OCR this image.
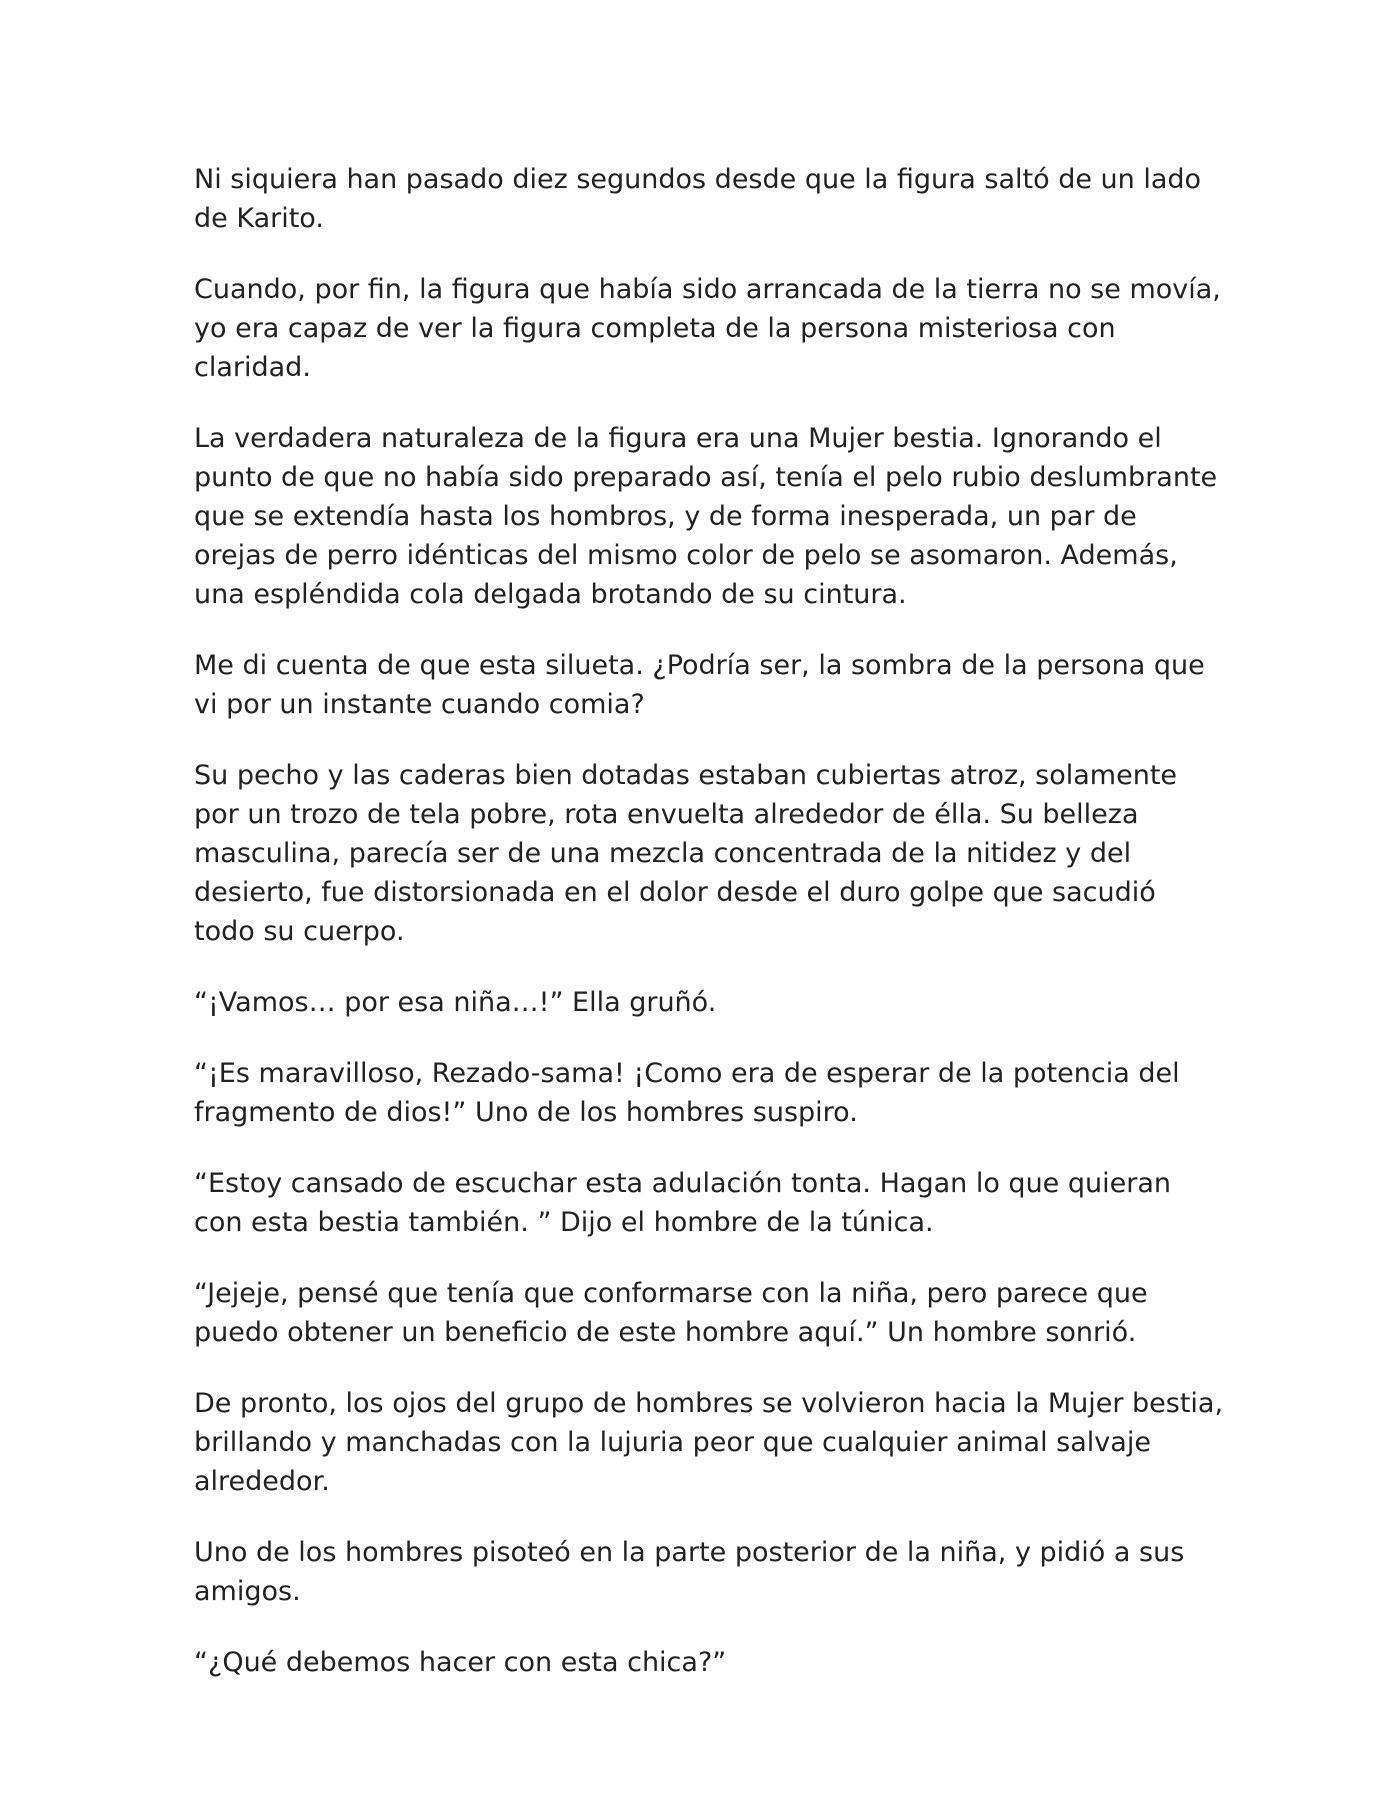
Ni siquiera han pasado diez segundos desde que la figura saltó de un lado de Karito.

Cuando, por fin, la figura que había sido arrancada de la tierra no se movía, yo era capaz de ver la figura completa de la persona misteriosa con claridad.

La verdadera naturaleza de la figura era una Mujer bestia. Ignorando el punto de que no había sido preparado así, tenía el pelo rubio deslumbrante que se extendía hasta los hombros, y de forma inesperada, un par de orejas de perro idénticas del mismo color de pelo se asomaron. Además, una espléndida cola delgada brotando de su cintura.

Me di cuenta de que esta silueta. ¿Podría ser, la sombra de la persona que vi por un instante cuando comia?

Su pecho y las caderas bien dotadas estaban cubiertas atroz, solamente por un trozo de tela pobre, rota envuelta alrededor de élla. Su belleza masculina, parecía ser de una mezcla concentrada de la nitidez y del desierto, fue distorsionada en el dolor desde el duro golpe que sacudió todo su cuerpo.

“¡Vamos… por esa niña…!” Ella gruñó.

“¡Es maravilloso, Rezado-sama! ¡Como era de esperar de la potencia del fragmento de dios!” Uno de los hombres suspiro.

“Estoy cansado de escuchar esta adulación tonta. Hagan lo que quieran con esta bestia también. ” Dijo el hombre de la túnica.

“Jejeje, pensé que tenía que conformarse con la niña, pero parece que puedo obtener un beneficio de este hombre aquí.” Un hombre sonrió.

De pronto, los ojos del grupo de hombres se volvieron hacia la Mujer bestia, brillando y manchadas con la lujuria peor que cualquier animal salvaje alrededor.

Uno de los hombres pisoteó en la parte posterior de la niña, y pidió a sus amigos.

“¿Qué debemos hacer con esta chica?”
